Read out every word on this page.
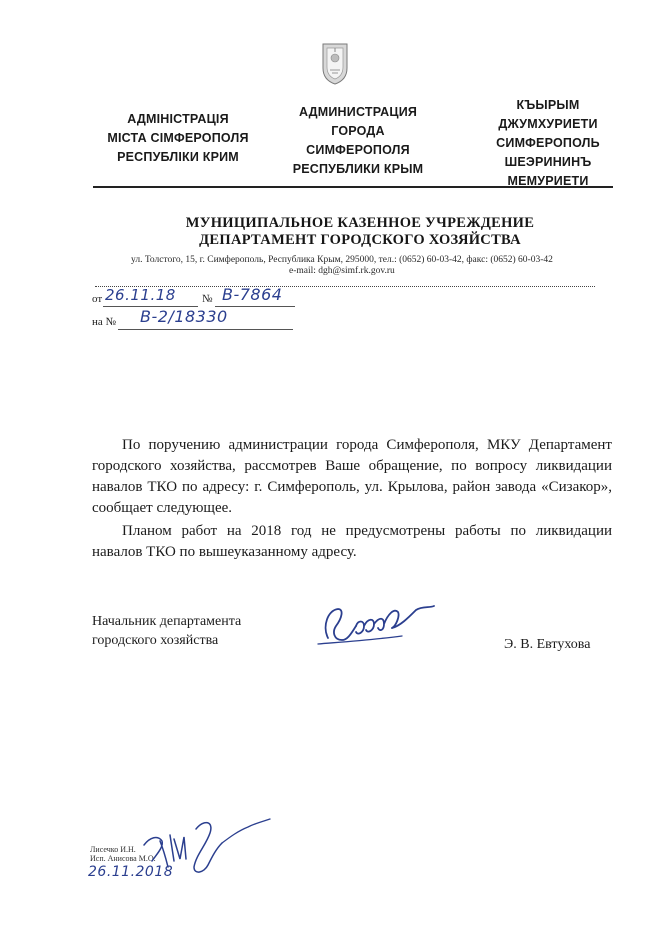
АДМІНІСТРАЦІЯ
МІСТА СІМФЕРОПОЛЯ
РЕСПУБЛІКИ КРИМ
АДМИНИСТРАЦИЯ
ГОРОДА
СИМФЕРОПОЛЯ
РЕСПУБЛИКИ КРЫМ
КЪЫРЫМ
ДЖУМХУРИЕТИ
СИМФЕРОПОЛЬ
ШЕЭРИНИНЪ
МЕМУРИЕТИ
МУНИЦИПАЛЬНОЕ КАЗЕННОЕ УЧРЕЖДЕНИЕ
ДЕПАРТАМЕНТ ГОРОДСКОГО ХОЗЯЙСТВА
ул. Толстого, 15, г. Симферополь, Республика Крым, 295000, тел.: (0652) 60-03-42, факс: (0652) 60-03-42
e-mail: dgh@simf.rk.gov.ru
от 26.11.18 № В-7864
на № В-2/18330
По поручению администрации города Симферополя, МКУ Департамент городского хозяйства, рассмотрев Ваше обращение, по вопросу ликвидации навалов ТКО по адресу: г. Симферополь, ул. Крылова, район завода «Сизакор», сообщает следующее.
Планом работ на 2018 год не предусмотрены работы по ликвидации навалов ТКО по вышеуказанному адресу.
Начальник департамента
городского хозяйства	Э. В. Евтухова
Лисечко И.Н.
Исп. Анисова М.О.
26.11.2018
